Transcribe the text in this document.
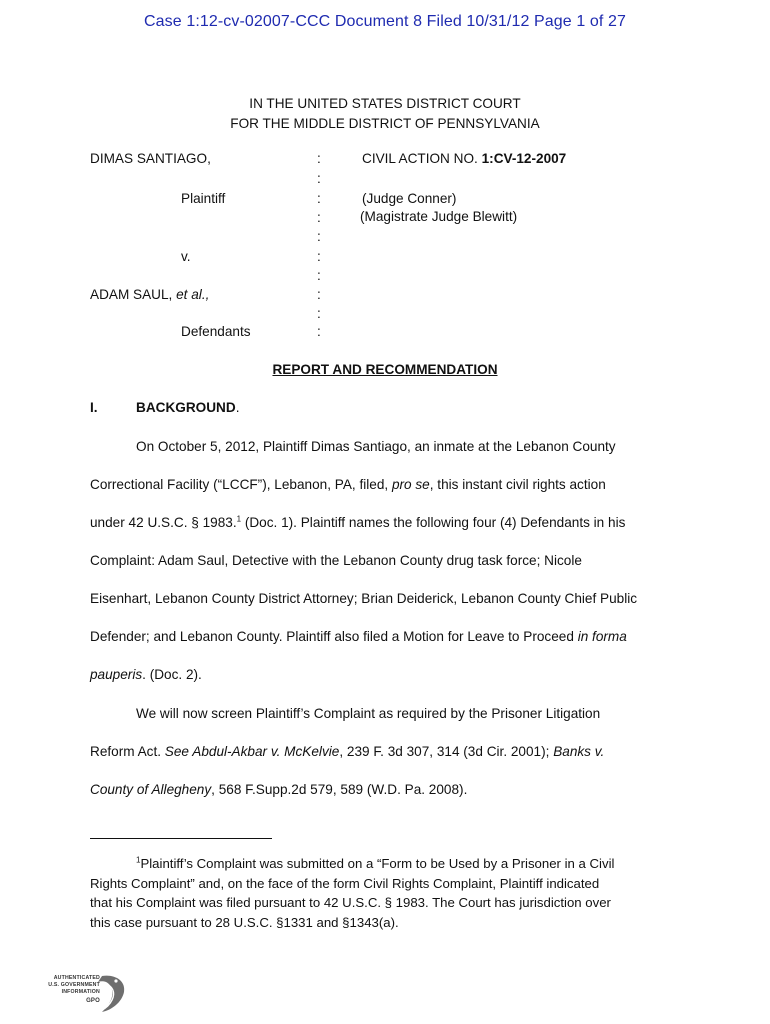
Case 1:12-cv-02007-CCC Document 8 Filed 10/31/12 Page 1 of 27
IN THE UNITED STATES DISTRICT COURT
FOR THE MIDDLE DISTRICT OF PENNSYLVANIA
DIMAS SANTIAGO,
Plaintiff
v.
ADAM SAUL, et al.,
Defendants
:
:
:
:
:
:
:
:
:
:
CIVIL ACTION NO. 1:CV-12-2007
(Judge Conner)
(Magistrate Judge Blewitt)
REPORT AND RECOMMENDATION
I.	BACKGROUND.
On October 5, 2012, Plaintiff Dimas Santiago, an inmate at the Lebanon County
Correctional Facility (“LCCF”), Lebanon, PA, filed, pro se, this instant civil rights action
under 42 U.S.C. § 1983.$^1$ (Doc. 1). Plaintiff names the following four (4) Defendants in his
Complaint: Adam Saul, Detective with the Lebanon County drug task force; Nicole
Eisenhart, Lebanon County District Attorney; Brian Deiderick, Lebanon County Chief Public
Defender; and Lebanon County. Plaintiff also filed a Motion for Leave to Proceed in forma
pauperis. (Doc. 2).
We will now screen Plaintiff’s Complaint as required by the Prisoner Litigation
Reform Act. See Abdul-Akbar v. McKelvie, 239 F. 3d 307, 314 (3d Cir. 2001); Banks v.
County of Allegheny, 568 F.Supp.2d 579, 589 (W.D. Pa. 2008).
$^1$Plaintiff’s Complaint was submitted on a “Form to be Used by a Prisoner in a Civil
Rights Complaint” and, on the face of the form Civil Rights Complaint, Plaintiff indicated
that his Complaint was filed pursuant to 42 U.S.C. § 1983. The Court has jurisdiction over
this case pursuant to 28 U.S.C. §1331 and §1343(a).
AUTHENTICATED
U.S. GOVERNMENT
INFORMATION
GPO
